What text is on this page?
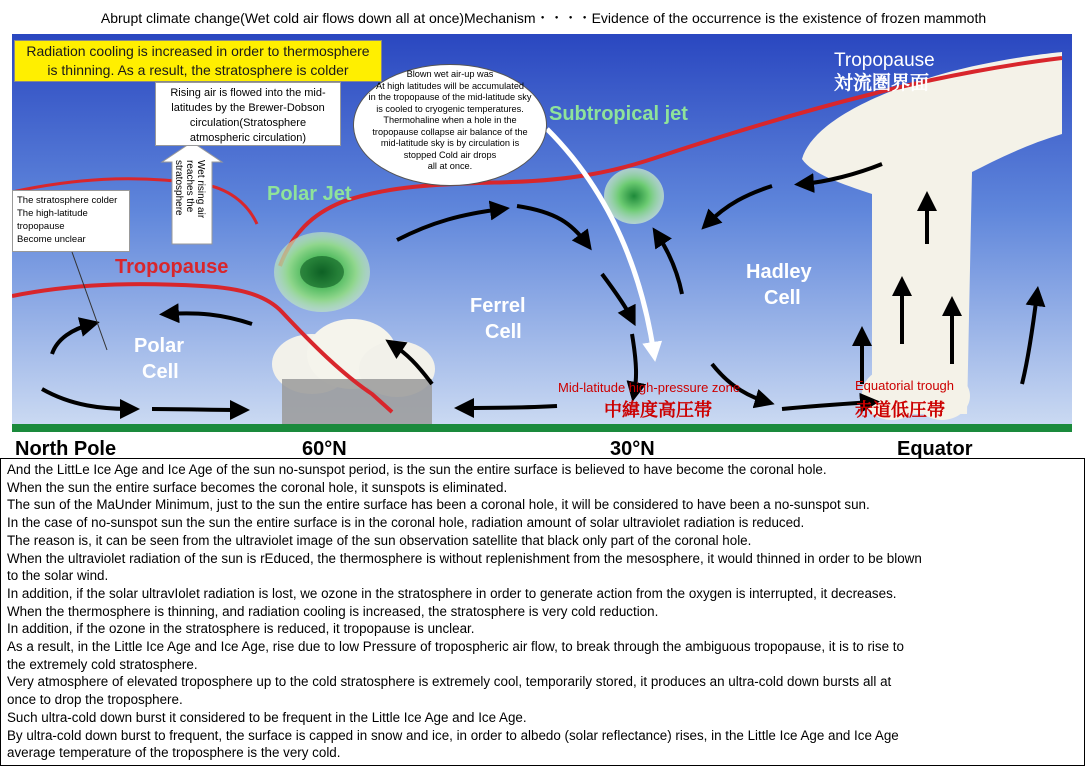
Abrupt climate change(Wet cold air flows down all at once)Mechanism・・・・Evidence of the occurrence is the existence of frozen mammoth
Wet rising air
reaches the
stratosphere
Tropopause
対流圏界面
Subtropical jet
Polar Jet
Tropopause	Hadley
Cell
Ferrel
Cell
Polar
Cell
Mid-latitude high-pressure zone
中緯度高圧帯
Equatorial trough
赤道低圧帯
North Pole	60°N	30°N	Equator
Radiation cooling is increased in order to thermosphere
is thinning. As a result, the stratosphere is colder
Rising air is flowed into the mid-
latitudes by the Brewer-Dobson
circulation(Stratosphere
atmospheric circulation)
The stratosphere colder
The high-latitude
tropopause
Become unclear
Blown wet air-up was
At high latitudes will be accumulated
in the tropopause of the mid-latitude sky
is cooled to cryogenic temperatures.
Thermohaline when a hole in the
tropopause collapse air balance of the
mid-latitude sky is by circulation is
stopped Cold air drops
all at once.

And the LittLe Ice Age and Ice Age of the sun no-sunspot period, is the sun the entire surface is believed to have become the coronal hole.

When the sun the entire surface becomes the coronal hole, it sunspots is eliminated.

The sun of the MaUnder Minimum, just to the sun the entire surface has been a coronal hole, it will be considered to have been a no-sunspot sun.

In the case of no-sunspot sun the sun the entire surface is in the coronal hole, radiation amount of solar ultraviolet radiation is reduced.

The reason is, it can be seen from the ultraviolet image of the sun observation satellite that black only part of the coronal hole.

When the ultraviolet radiation of the sun is rEduced, the thermosphere is without replenishment from the mesosphere, it would thinned in order to be blown

to the solar wind.

In addition, if the solar ultravIolet radiation is lost, we ozone in the stratosphere in order to generate action from the oxygen is interrupted, it decreases.

When the thermosphere is thinning, and radiation cooling is increased, the stratosphere is very cold reduction.

In addition, if the ozone in the stratosphere is reduced, it tropopause is unclear.

As a result, in the Little Ice Age and Ice Age, rise due to low Pressure of tropospheric air flow, to break through the ambiguous tropopause, it is to rise to

the extremely cold stratosphere.

Very atmosphere of elevated troposphere up to the cold stratosphere is extremely cool, temporarily stored, it produces an ultra-cold down bursts all at

once to drop the troposphere.

Such ultra-cold down burst it considered to be frequent in the Little Ice Age and Ice Age.

By ultra-cold down burst to frequent, the surface is capped in snow and ice, in order to albedo (solar reflectance) rises, in the Little Ice Age and Ice Age

average temperature of the troposphere is the very cold.
